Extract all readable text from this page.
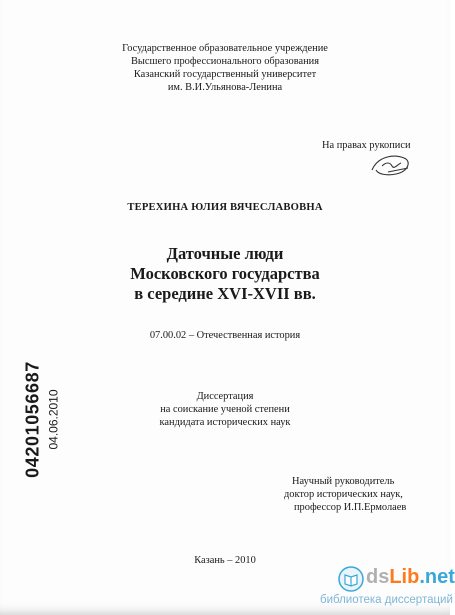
Государственное образовательное учреждение
Высшего профессионального образования
Казанский государственный университет
им. В.И.Ульянова-Ленина
На правах рукописи
ТЕРЕХИНА ЮЛИЯ ВЯЧЕСЛАВОВНА
Даточные люди
Московского государства
в середине XVI-XVII вв.
07.00.02 – Отечественная история
Диссертация
на соискание ученой степени
кандидата исторических наук
Научный руководитель
доктор исторических наук,
профессор И.П.Ермолаев
Казань – 2010
04201056687 04.06.2010
dsLib.net
библиотека диссертаций
